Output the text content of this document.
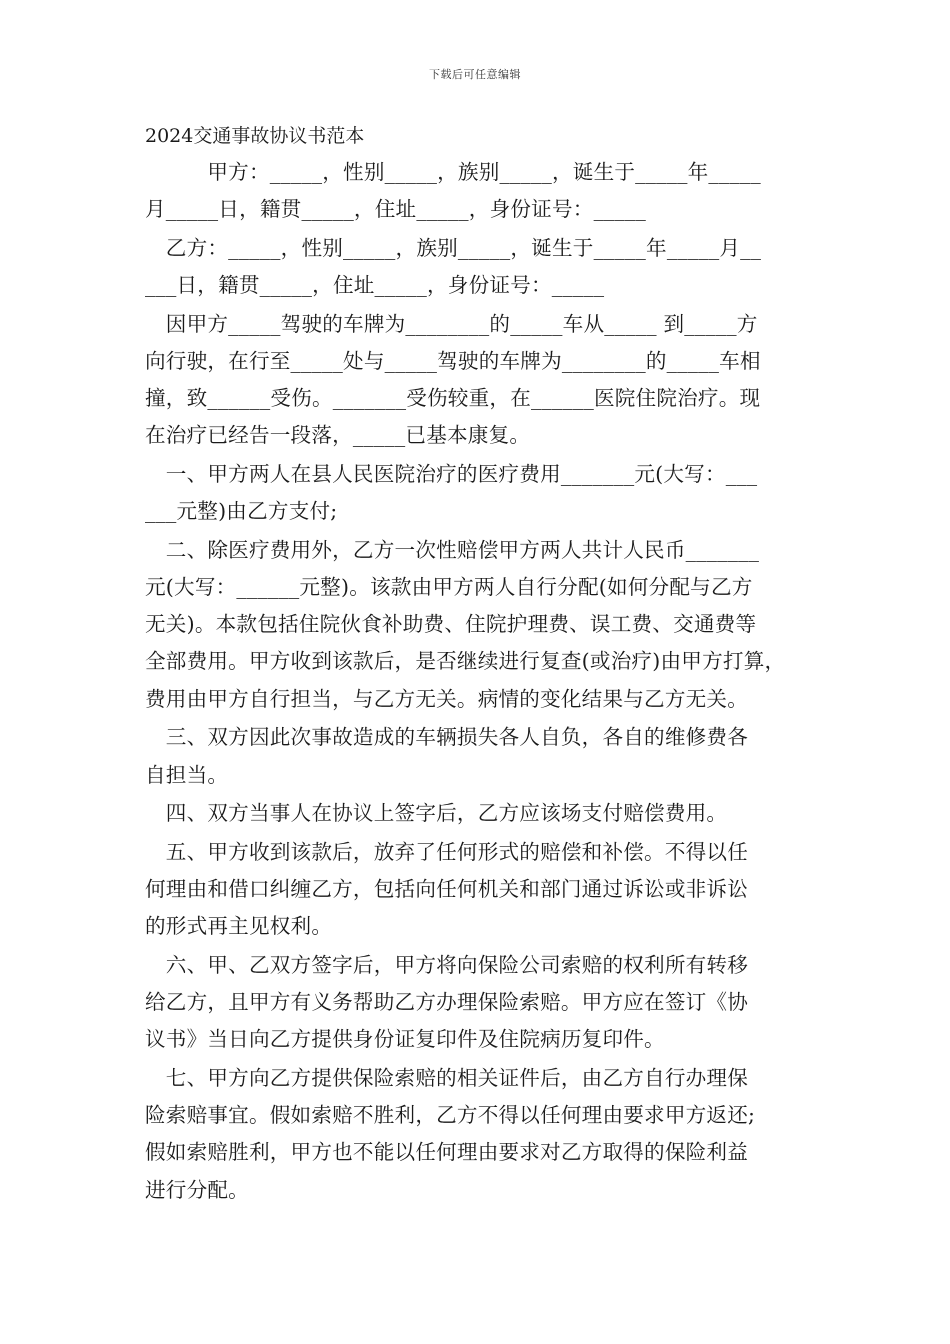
下载后可任意编辑
2024交通事故协议书范本
　　　甲方：_____，性别_____，族别_____，诞生于_____年_____
月_____日，籍贯_____，住址_____，身份证号：_____
　乙方：_____，性别_____，族别_____，诞生于_____年_____月__
___日，籍贯_____，住址_____，身份证号：_____
　因甲方_____驾驶的车牌为________的_____车从_____ 到_____方
向行驶，在行至_____处与_____驾驶的车牌为________的_____车相
撞，致______受伤。_______受伤较重，在______医院住院治疗。现
在治疗已经告一段落，_____已基本康复。
　一、甲方两人在县人民医院治疗的医疗费用_______元(大写：___
___元整)由乙方支付;
　二、除医疗费用外，乙方一次性赔偿甲方两人共计人民币_______
元(大写：______元整)。该款由甲方两人自行分配(如何分配与乙方
无关)。本款包括住院伙食补助费、住院护理费、误工费、交通费等
全部费用。甲方收到该款后，是否继续进行复查(或治疗)由甲方打算，
费用由甲方自行担当，与乙方无关。病情的变化结果与乙方无关。
　三、双方因此次事故造成的车辆损失各人自负，各自的维修费各
自担当。
　四、双方当事人在协议上签字后，乙方应该场支付赔偿费用。
　五、甲方收到该款后，放弃了任何形式的赔偿和补偿。不得以任
何理由和借口纠缠乙方，包括向任何机关和部门通过诉讼或非诉讼
的形式再主见权利。
　六、甲、乙双方签字后，甲方将向保险公司索赔的权利所有转移
给乙方，且甲方有义务帮助乙方办理保险索赔。甲方应在签订《协
议书》当日向乙方提供身份证复印件及住院病历复印件。
　七、甲方向乙方提供保险索赔的相关证件后，由乙方自行办理保
险索赔事宜。假如索赔不胜利，乙方不得以任何理由要求甲方返还;
假如索赔胜利，甲方也不能以任何理由要求对乙方取得的保险利益
进行分配。
